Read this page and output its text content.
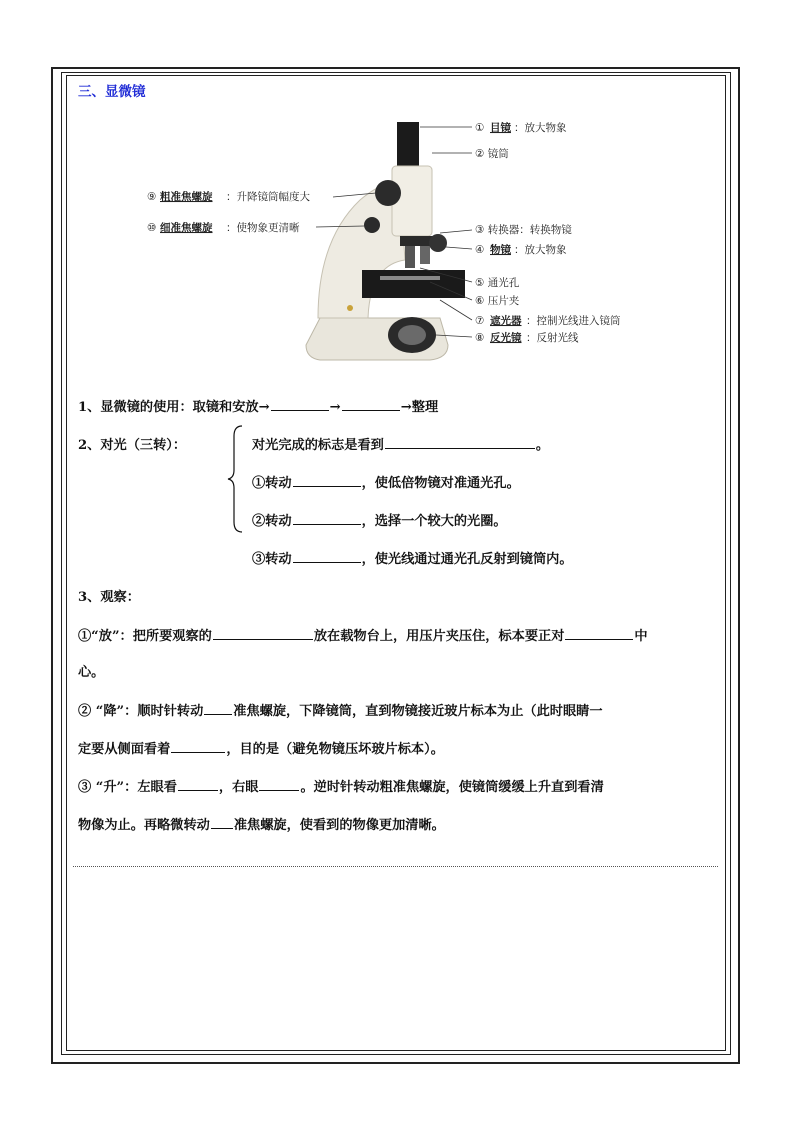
三、显微镜
① 目镜 ：放大物象
② 镜筒
③ 转换器：转换物镜
④ 物镜 ：放大物象
⑤ 通光孔
⑥ 压片夹
⑦ 遮光器 ：控制光线进入镜筒
⑧ 反光镜 ：反射光线
⑨ 粗准焦螺旋 ：升降镜筒幅度大
⑩ 细准焦螺旋 ：使物象更清晰
1、显微镜的使用：取镜和安放→	→	→整理
2、对光（三转）：	对光完成的标志是看到	。
①转动	，使低倍物镜对准通光孔。
②转动	，选择一个较大的光圈。
③转动	，使光线通过通光孔反射到镜筒内。
3、观察：
①“放”：把所要观察的	放在载物台上，用压片夹压住，标本要正对	中
心。
② “降”：顺时针转动 准焦螺旋，下降镜筒，直到物镜接近玻片标本为止（此时眼睛一
定要从侧面看着	，目的是（避免物镜压坏玻片标本）。
③ “升”：左眼看	，右眼	。逆时针转动粗准焦螺旋，使镜筒缓缓上升直到看清
物像为止。再略微转动 准焦螺旋，使看到的物像更加清晰。
